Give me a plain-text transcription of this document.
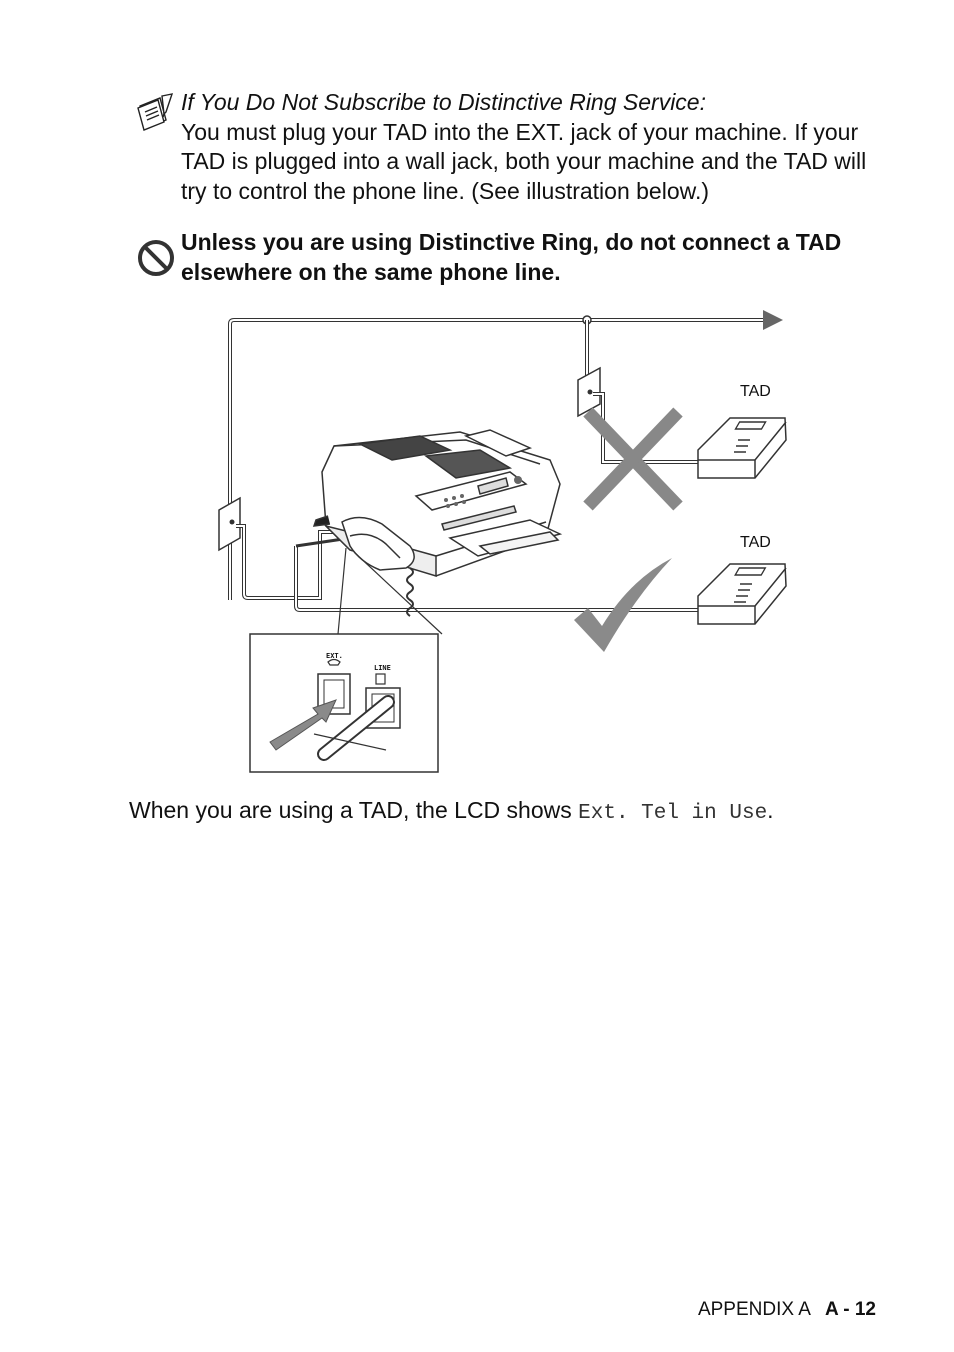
If You Do Not Subscribe to Distinctive Ring Service:
You must plug your TAD into the EXT. jack of your machine. If your TAD is plugged into a wall jack, both your machine and the TAD will try to control the phone line. (See illustration below.)
Unless you are using Distinctive Ring, do not connect a TAD elsewhere on the same phone line.
TAD
TAD
EXT.
LINE
When you are using a TAD, the LCD shows Ext. Tel in Use.
APPENDIX A A - 12
